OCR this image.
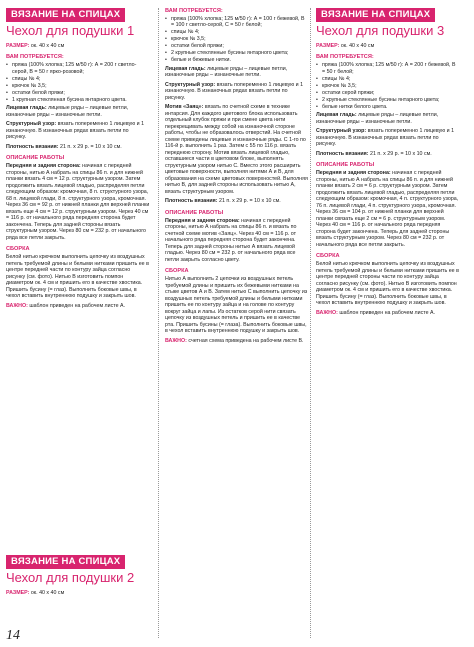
ВЯЗАНИЕ НА СПИЦАХ
Чехол для подушки 1
РАЗМЕР: ок. 40 х 40 см
ВАМ ПОТРЕБУЕТСЯ:
• пряжа (100% хлопка; 125 м/50 г): А = 200 г светло-серой, В = 50 г ярко-розовой;
• спицы № 4;
• крючок № 3,5;
• остатки белой пряжи;
• 1 крупная стеклянная бусина янтарного цвета.
Лицевая гладь: лицевые ряды – лицевые петли, изнаночные ряды – изнаночные петли.
Структурный узор: вязать попеременно 1 лицевую и 1 изнаночную. В изнаночных рядах вязать петли по рисунку.
Плотность вязания: 21 п. х 29 р. = 10 х 10 см.
ОПИСАНИЕ РАБОТЫ
Передняя и задняя сторона: начиная с передней стороны, нитью А набрать на спицы 86 п. и для нижней планки вязать 4 см = 12 р. структурным узором. Затем продолжить вязать лицевой гладью, распределяя петли следующим образом: кромочная, 8 п. структурного узора, 68 п. лицевой глади, 8 п. структурного узора, кромочная. Через 36 см = 92 р. от нижней планки для верхней планки вязать еще 4 см = 12 р. структурным узором. Через 40 см = 116 р. от начального ряда передняя сторона будет закончена. Теперь для задней стороны вязать структурным узором. Через 80 см = 232 р. от начального ряда все петли закрыть.
СБОРКА
Белой нитью крючком выполнить цепочку из воздушных петель требуемой длины и белыми нитками пришить ее в центре передней части по контуру зайца согласно рисунку (см. фото). Нитью В изготовить помпон диаметром ок. 4 см и пришить его в качестве хвостика. Пришить бусину (= глаз). Выполнить боковые швы, в чехол вставить внутреннюю подушку и закрыть шов.
ВАЖНО: шаблон приведен на рабочем листе А.
ВЯЗАНИЕ НА СПИЦАХ
Чехол для подушки 2
РАЗМЕР: ок. 40 х 40 см
14
ВАМ ПОТРЕБУЕТСЯ:
• пряжа (100% хлопка; 125 м/50 г): А = 100 г бежевой, В = 100 г светло-серой, С = 50 г белой;
• спицы № 4;
• крючок № 3,5;
• остатки белой пряжи;
• 2 крупные стеклянные бусины янтарного цвета;
• белые и бежевые нитки.
Лицевая гладь: лицевые ряды – лицевые петли, изнаночные ряды – изнаночные петли.
Структурный узор: вязать попеременно 1 лицевую и 1 изнаночную. В изнаночных рядах вязать петли по рисунку.
Мотив «Заяц»: вязать по счетной схеме в технике интарсия. Для каждого цветового блока использовать отдельный клубок пряжи и при смене цвета нити перекрещивать между собой на изнаночной стороне работы, чтобы не образовалось отверстий. На счетной схеме приведены лицевые и изнаночные ряды. С 1-го по 116-й р. выполнить 1 раз. Затем с 55 по 116 р. вязать переднюю сторону. Мотив вязать лицевой гладью, оставшиеся части в цветовом блоке, выполнять структурным узором нитью С. Вместо этого расширить цветовые поверхности, выполняя нитями А и В, для образования на схеме цветовых поверхностей. Выполняя нитью В, для задней стороны использовать нитью А, вязать структурным узором.
Плотность вязания: 21 п. х 29 р. = 10 х 10 см.
ОПИСАНИЕ РАБОТЫ
Передняя и задняя сторона: начиная с передней стороны, нитью А набрать на спицы 86 п. и вязать по счетной схеме мотив «Заяц». Через 40 см = 116 р. от начального ряда передняя сторона будет закончена. Теперь для задней стороны нитью А вязать лицевой гладью. Через 80 см = 232 р. от начального ряда все петли закрыть согласно цвету.
СБОРКА
Нитью А выполнить 2 цепочки из воздушных петель требуемой длины и пришить их бежевыми нитками на стыке цветов А и В. Затем нитью С выполнить цепочку из воздушных петель требуемой длины и белыми нитками пришить ее по контуру зайца и на голове по контуру вокруг зайца и лапы. Из остатков серой нити связать цепочку из воздушных петель и пришить ее в качестве рта. Пришить бусины (= глаза). Выполнить боковые швы, в чехол вставить внутреннюю подушку и закрыть шов.
ВАЖНО: счетная схема приведена на рабочем листе В.
ВЯЗАНИЕ НА СПИЦАХ
Чехол для подушки 3
РАЗМЕР: ок. 40 х 40 см
ВАМ ПОТРЕБУЕТСЯ:
• пряжа (100% хлопка; 125 м/50 г): А = 200 г бежевой, В = 50 г белой;
• спицы № 4;
• крючок № 3,5;
• остатки серой пряжи;
• 2 крупные стеклянные бусины янтарного цвета;
• белые нитки белого цвета.
Лицевая гладь: лицевые ряды – лицевые петли, изнаночные ряды – изнаночные петли.
Структурный узор: вязать попеременно 1 лицевую и 1 изнаночную. В изнаночных рядах вязать петли по рисунку.
Плотность вязания: 21 п. х 29 р. = 10 х 10 см.
ОПИСАНИЕ РАБОТЫ
Передняя и задняя сторона: начиная с передней стороны, нитью А набрать на спицы 86 п. и для нижней планки вязать 2 см = 6 р. структурным узором. Затем продолжить вязать лицевой гладью, распределяя петли следующим образом: кромочная, 4 п. структурного узора, 76 п. лицевой глади, 4 п. структурного узора, кромочная. Через 36 см = 104 р. от нижней планки для верхней планки связать еще 2 см = 6 р. структурным узором. Через 40 см = 116 р. от начального ряда передняя сторона будет закончена. Теперь для задней стороны вязать структурным узором. Через 80 см = 232 р. от начального ряда все петли закрыть.
СБОРКА
Белой нитью крючком выполнить цепочку из воздушных петель требуемой длины и белыми нитками пришить ее в центре передней стороны части по контуру зайца согласно рисунку (см. фото). Нитью В изготовить помпон диаметром ок. 4 см и пришить его в качестве хвостика. Пришить бусину (= глаз). Выполнить боковые швы, в чехол вставить внутреннюю подушку и закрыть шов.
ВАЖНО: шаблон приведен на рабочем листе А.
